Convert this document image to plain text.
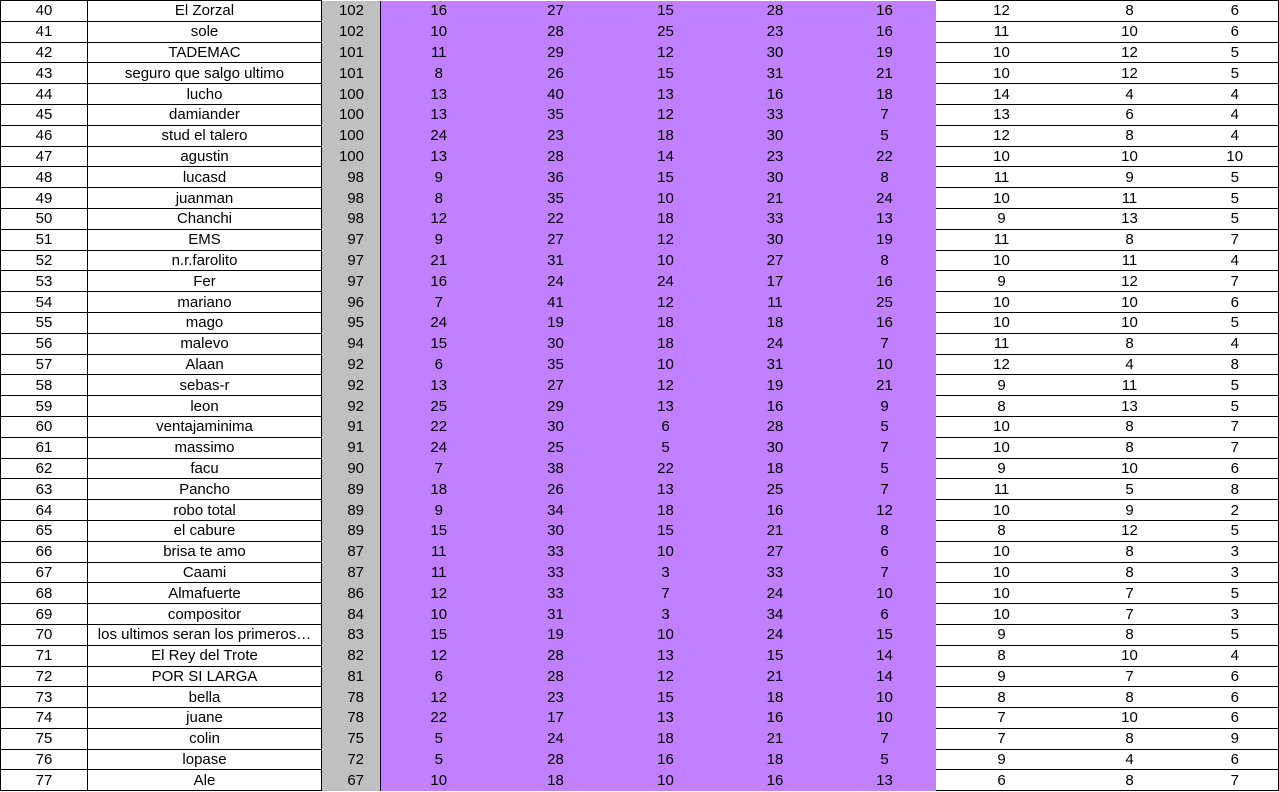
40	El Zorzal	102	16	27	15	28	16	12	8	6
41	sole	102	10	28	25	23	16	11	10	6
42	TADEMAC	101	11	29	12	30	19	10	12	5
43	seguro que salgo ultimo	101	8	26	15	31	21	10	12	5
44	lucho	100	13	40	13	16	18	14	4	4
45	damiander	100	13	35	12	33	7	13	6	4
46	stud el talero	100	24	23	18	30	5	12	8	4
47	agustin	100	13	28	14	23	22	10	10	10
48	lucasd	98	9	36	15	30	8	11	9	5
49	juanman	98	8	35	10	21	24	10	11	5
50	Chanchi	98	12	22	18	33	13	9	13	5
51	EMS	97	9	27	12	30	19	11	8	7
52	n.r.farolito	97	21	31	10	27	8	10	11	4
53	Fer	97	16	24	24	17	16	9	12	7
54	mariano	96	7	41	12	11	25	10	10	6
55	mago	95	24	19	18	18	16	10	10	5
56	malevo	94	15	30	18	24	7	11	8	4
57	Alaan	92	6	35	10	31	10	12	4	8
58	sebas-r	92	13	27	12	19	21	9	11	5
59	leon	92	25	29	13	16	9	8	13	5
60	ventajaminima	91	22	30	6	28	5	10	8	7
61	massimo	91	24	25	5	30	7	10	8	7
62	facu	90	7	38	22	18	5	9	10	6
63	Pancho	89	18	26	13	25	7	11	5	8
64	robo total	89	9	34	18	16	12	10	9	2
65	el cabure	89	15	30	15	21	8	8	12	5
66	brisa te amo	87	11	33	10	27	6	10	8	3
67	Caami	87	11	33	3	33	7	10	8	3
68	Almafuerte	86	12	33	7	24	10	10	7	5
69	compositor	84	10	31	3	34	6	10	7	3
70	los ultimos seran los primeros…	83	15	19	10	24	15	9	8	5
71	El Rey del Trote	82	12	28	13	15	14	8	10	4
72	POR SI LARGA	81	6	28	12	21	14	9	7	6
73	bella	78	12	23	15	18	10	8	8	6
74	juane	78	22	17	13	16	10	7	10	6
75	colin	75	5	24	18	21	7	7	8	9
76	lopase	72	5	28	16	18	5	9	4	6
77	Ale	67	10	18	10	16	13	6	8	7
